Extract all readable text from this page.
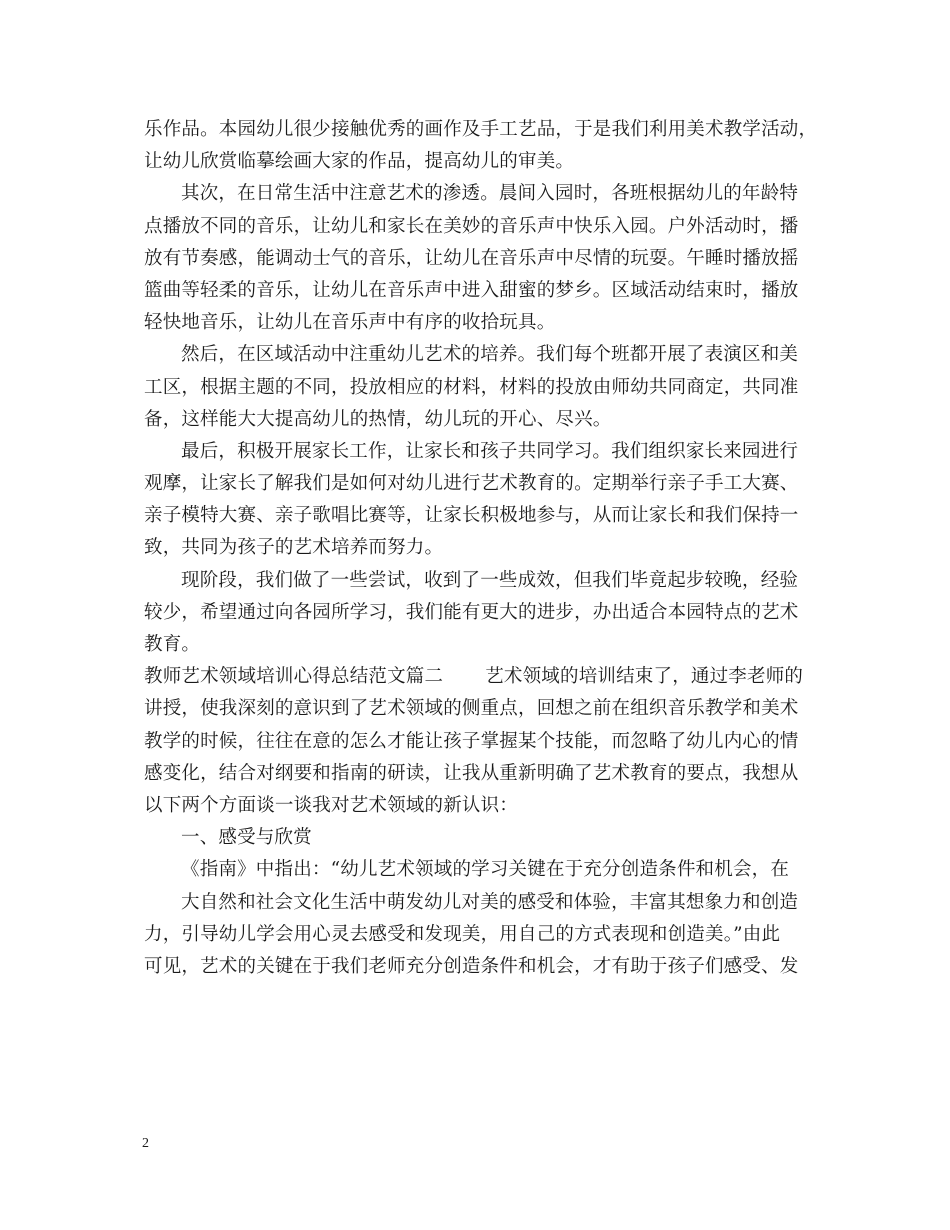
乐作品。本园幼儿很少接触优秀的画作及手工艺品，于是我们利用美术教学活动，
让幼儿欣赏临摹绘画大家的作品，提高幼儿的审美。
其次，在日常生活中注意艺术的渗透。晨间入园时，各班根据幼儿的年龄特
点播放不同的音乐，让幼儿和家长在美妙的音乐声中快乐入园。户外活动时，播
放有节奏感，能调动士气的音乐，让幼儿在音乐声中尽情的玩耍。午睡时播放摇
篮曲等轻柔的音乐，让幼儿在音乐声中进入甜蜜的梦乡。区域活动结束时，播放
轻快地音乐，让幼儿在音乐声中有序的收拾玩具。
然后，在区域活动中注重幼儿艺术的培养。我们每个班都开展了表演区和美
工区，根据主题的不同，投放相应的材料，材料的投放由师幼共同商定，共同准
备，这样能大大提高幼儿的热情，幼儿玩的开心、尽兴。
最后，积极开展家长工作，让家长和孩子共同学习。我们组织家长来园进行
观摩，让家长了解我们是如何对幼儿进行艺术教育的。定期举行亲子手工大赛、
亲子模特大赛、亲子歌唱比赛等，让家长积极地参与，从而让家长和我们保持一
致，共同为孩子的艺术培养而努力。
现阶段，我们做了一些尝试，收到了一些成效，但我们毕竟起步较晚，经验
较少，希望通过向各园所学习，我们能有更大的进步，办出适合本园特点的艺术
教育。
教师艺术领域培训心得总结范文篇二 艺术领域的培训结束了，通过李老师的
讲授，使我深刻的意识到了艺术领域的侧重点，回想之前在组织音乐教学和美术
教学的时候，往往在意的怎么才能让孩子掌握某个技能，而忽略了幼儿内心的情
感变化，结合对纲要和指南的研读，让我从重新明确了艺术教育的要点，我想从
以下两个方面谈一谈我对艺术领域的新认识：
一、感受与欣赏
《指南》中指出：“幼儿艺术领域的学习关键在于充分创造条件和机会，在
大自然和社会文化生活中萌发幼儿对美的感受和体验，丰富其想象力和创造
力，引导幼儿学会用心灵去感受和发现美，用自己的方式表现和创造美。”由此
可见，艺术的关键在于我们老师充分创造条件和机会，才有助于孩子们感受、发
2
